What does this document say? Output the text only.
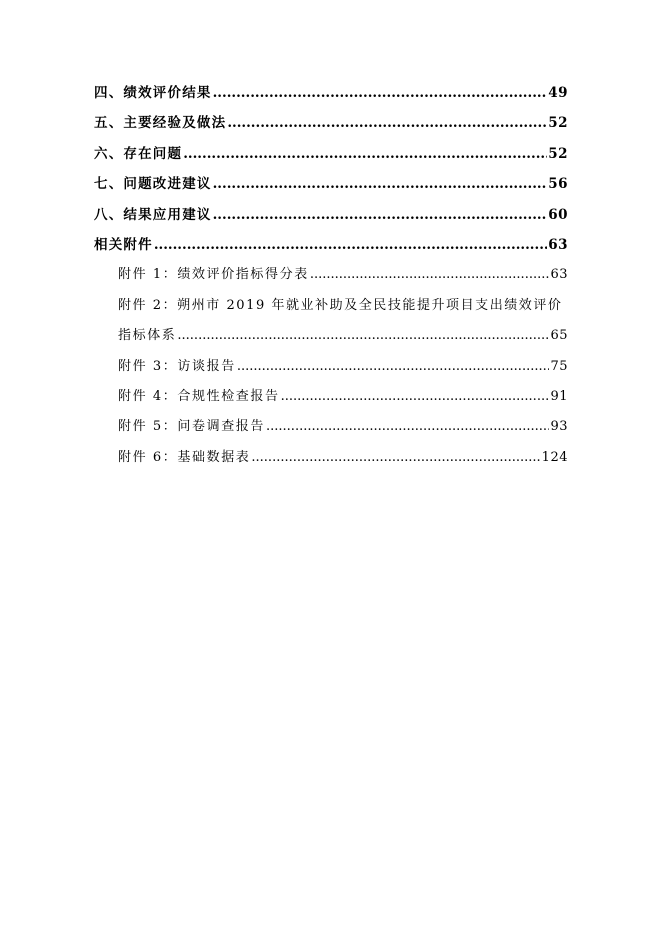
四、绩效评价结果 .....	49
五、主要经验及做法 .....	52
六、存在问题 .....	52
七、问题改进建议 .....	56
八、结果应用建议 .....	60
相关附件 .....	63
附件 1：绩效评价指标得分表 .....	63
附件 2：朔州市 2019 年就业补助及全民技能提升项目支出绩效评价
指标体系 .....	65
附件 3：访谈报告 .....	75
附件 4：合规性检查报告 .....	91
附件 5：问卷调查报告 .....	93
附件 6：基础数据表 .....	124
